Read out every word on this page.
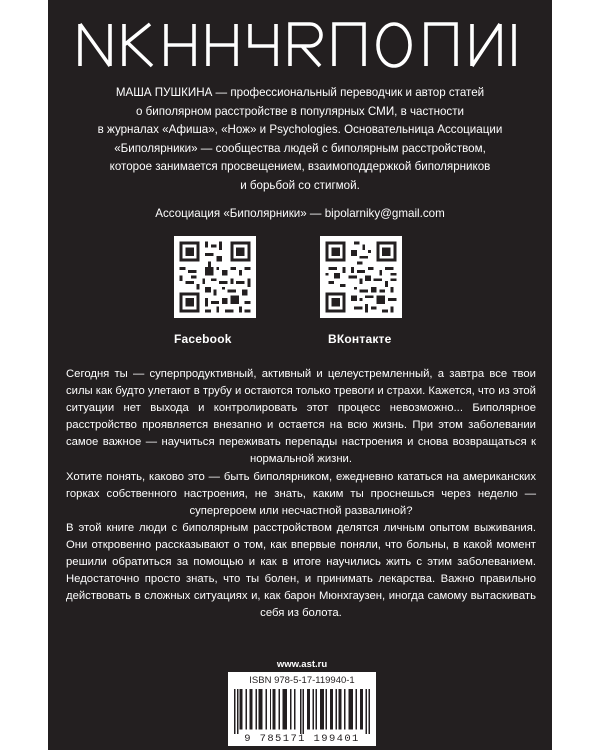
МАША ПУШКИНА — профессиональный переводчик и автор статей

о биполярном расстройстве в популярных СМИ, в частности

в журналах «Афиша», «Нож» и Psychologies. Основательница Ассоциации

«Биполярники» — сообщества людей с биполярным расстройством,

которое занимается просвещением, взаимоподдержкой биполярников

и борьбой со стигмой.

Ассоциация «Биполярники» — bipolarniky@gmail.com
Facebook	ВКонтакте

Сегодня ты — суперпродуктивный, активный и целеустремленный, а завтра все твои силы как будто улетают в трубу и остаются только тревоги и страхи. Кажется, что из этой ситуации нет выхода и контролировать этот процесс невозможно... Биполярное расстройство проявляется внезапно и остается на всю жизнь. При этом заболевании самое важное — научиться переживать перепады настроения и снова возвращаться к нормальной жизни.

Хотите понять, каково это — быть биполярником, ежедневно кататься на американских горках собственного настроения, не знать, каким ты проснешься через неделю — супергероем или несчастной развалиной?

В этой книге люди с биполярным расстройством делятся личным опытом выживания. Они откровенно рассказывают о том, как впервые поняли, что больны, в какой момент решили обратиться за помощью и как в итоге научились жить с этим заболеванием. Недостаточно просто знать, что ты болен, и принимать лекарства. Важно правильно действовать в сложных ситуациях и, как барон Мюнхгаузен, иногда самому вытаскивать себя из болота.

www.ast.ru
ISBN 978-5-17-119940-1
9 785171 199401
